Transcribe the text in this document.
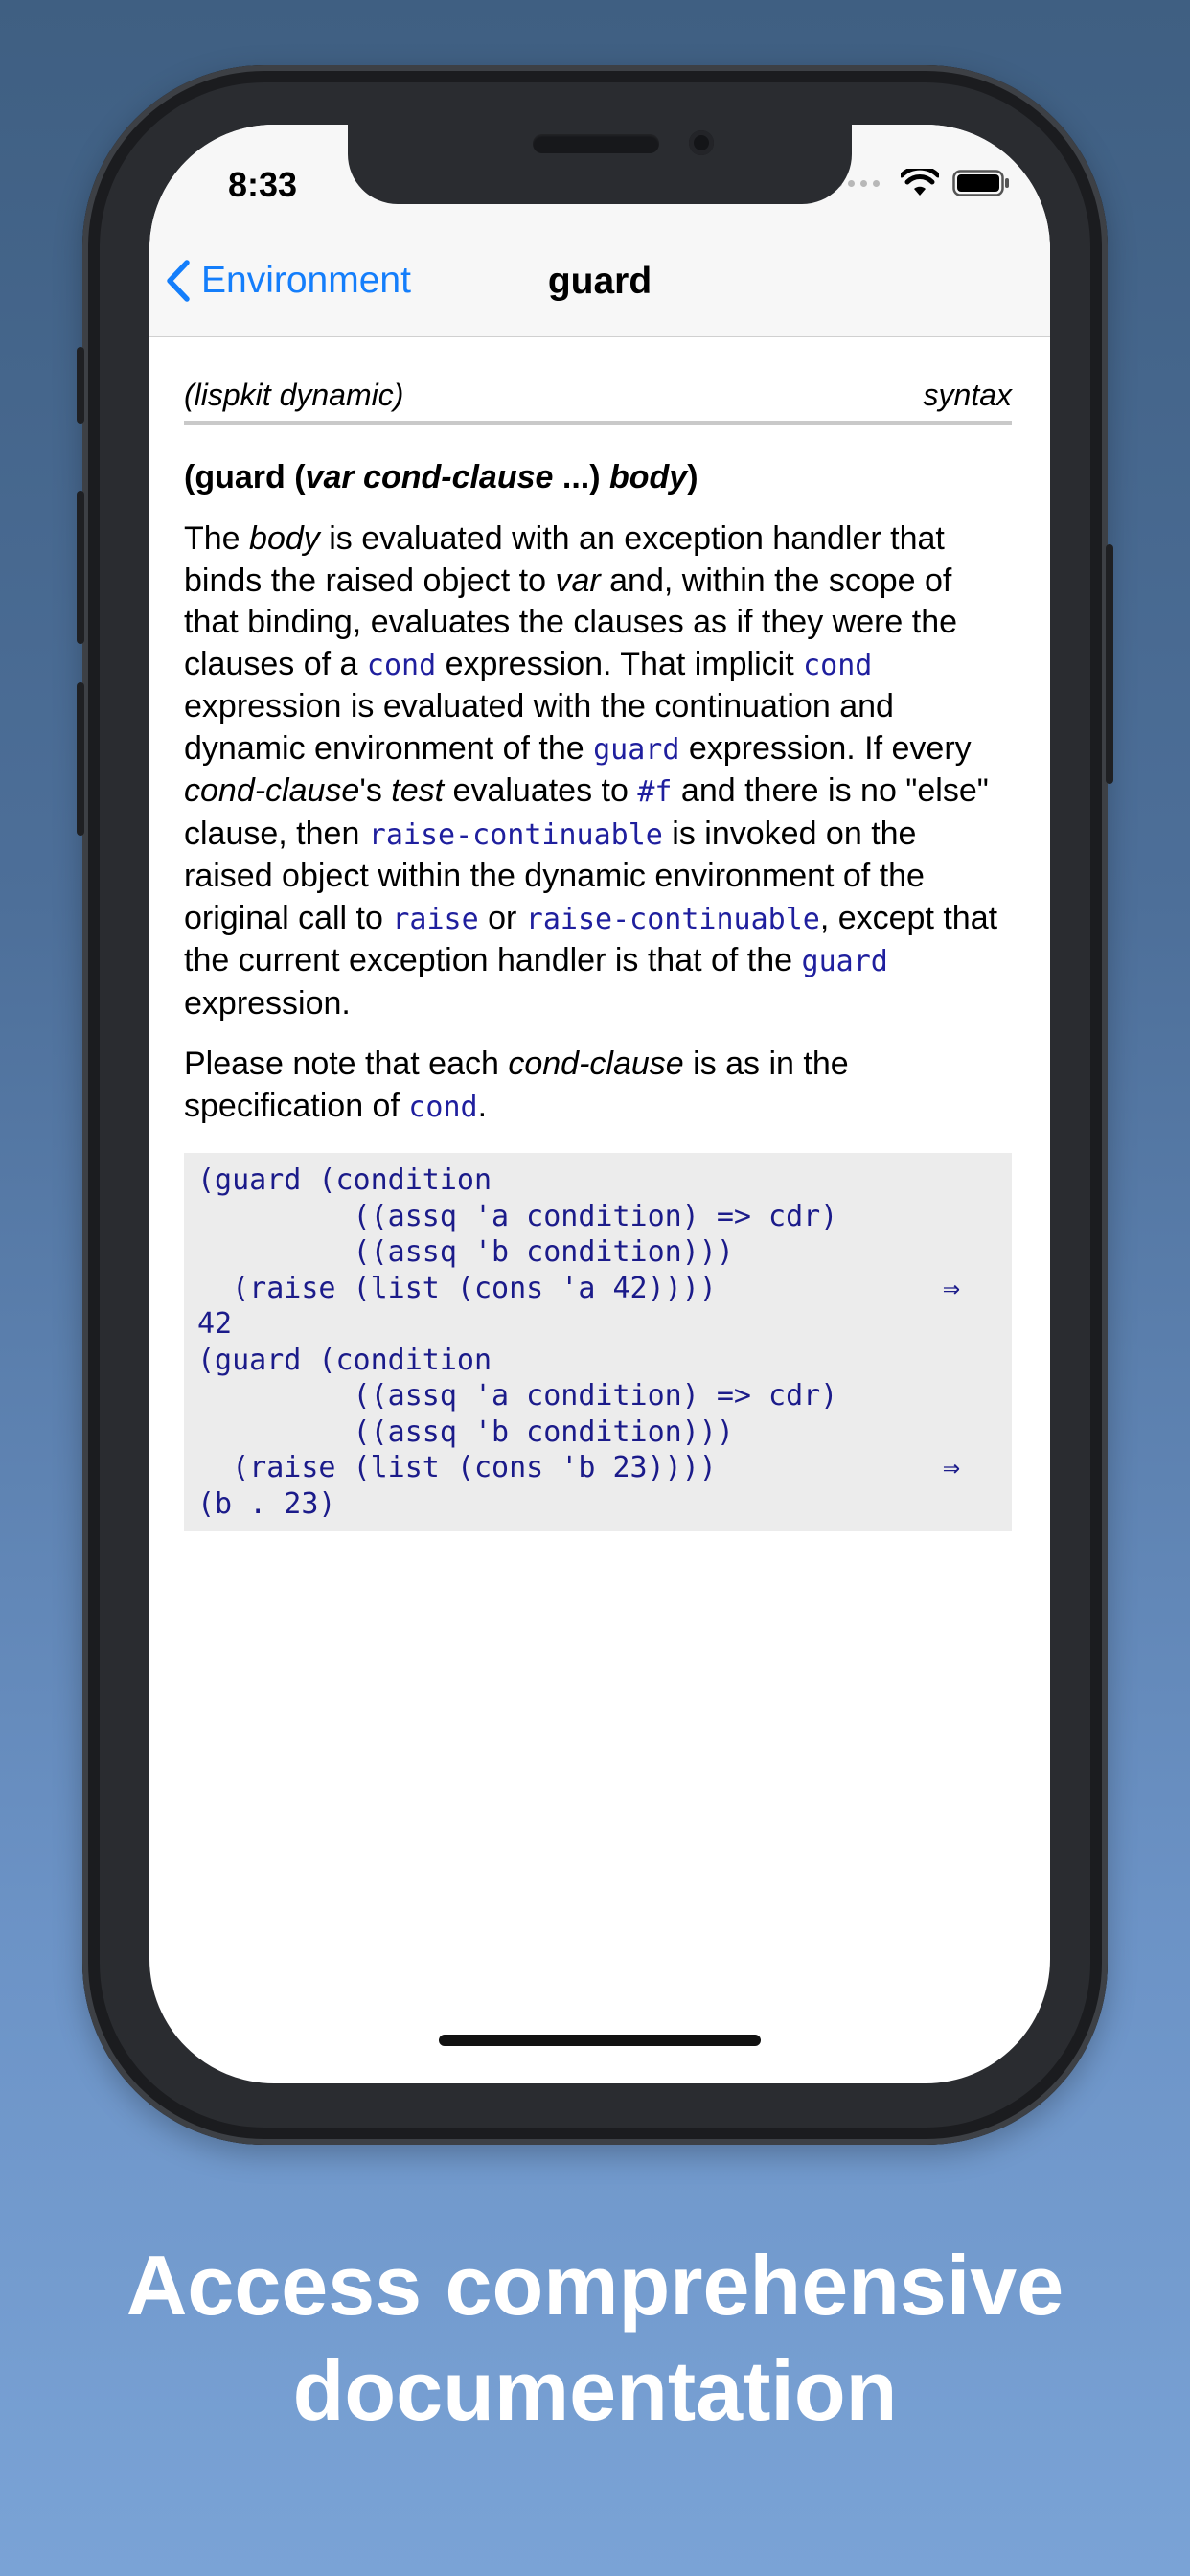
8:33
Environment	guard
(lispkit dynamic)	syntax
(guard (var cond-clause ...) body)

The body is evaluated with an exception handler that binds the raised object to var and, within the scope of that binding, evaluates the clauses as if they were the clauses of a cond expression. That implicit cond expression is evaluated with the continuation and dynamic environment of the guard expression. If every cond-clause's test evaluates to #f and there is no "else" clause, then raise-continuable is invoked on the raised object within the dynamic environment of the original call to raise or raise-continuable, except that the current exception handler is that of the guard expression.

Please note that each cond-clause is as in the specification of cond.

(guard (condition
((assq 'a condition) => cdr)
((assq 'b condition)))
(raise (list (cons 'a 42))))	⇒
42
(guard (condition
((assq 'a condition) => cdr)
((assq 'b condition)))
(raise (list (cons 'b 23))))	⇒
(b . 23)
Access comprehensive
documentation
